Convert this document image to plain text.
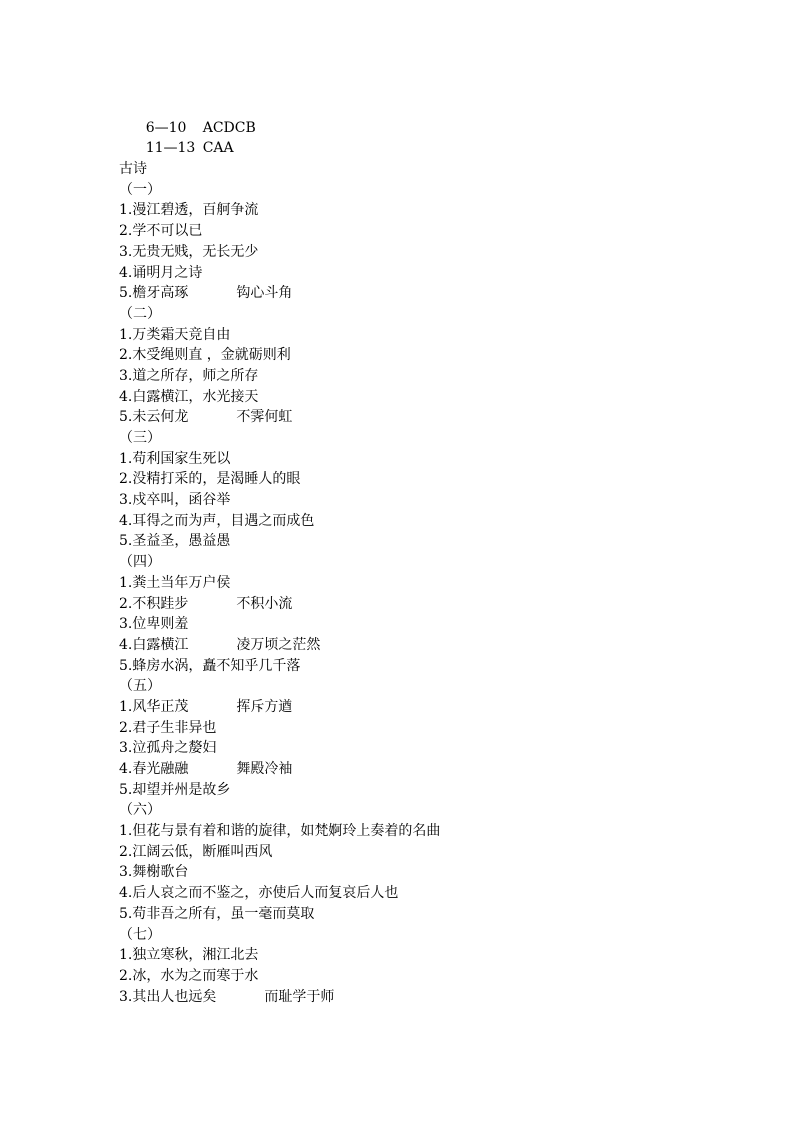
6—10 ACDCB

11—13 CAA

古诗
（一）
1.漫江碧透，百舸争流
2.学不可以已
3.无贵无贱，无长无少
4.诵明月之诗
5.檐牙高琢	钩心斗角
（二）
1.万类霜天竞自由
2.木受绳则直 ，金就砺则利
3.道之所存，师之所存
4.白露横江，水光接天
5.未云何龙	不霁何虹
（三）
1.苟利国家生死以
2.没精打采的，是渴睡人的眼
3.戍卒叫，函谷举
4.耳得之而为声，目遇之而成色
5.圣益圣，愚益愚
（四）
1.粪土当年万户侯
2.不积跬步	不积小流
3.位卑则羞
4.白露横江	凌万顷之茫然
5.蜂房水涡，矗不知乎几千落
（五）
1.风华正茂	挥斥方遒
2.君子生非异也
3.泣孤舟之嫠妇
4.春光融融	舞殿冷袖
5.却望并州是故乡
（六）
1.但花与景有着和谐的旋律，如梵婀玲上奏着的名曲
2.江阔云低，断雁叫西风
3.舞榭歌台
4.后人哀之而不鉴之，亦使后人而复哀后人也
5.苟非吾之所有，虽一毫而莫取
（七）
1.独立寒秋，湘江北去
2.冰，水为之而寒于水
3.其出人也远矣	而耻学于师
